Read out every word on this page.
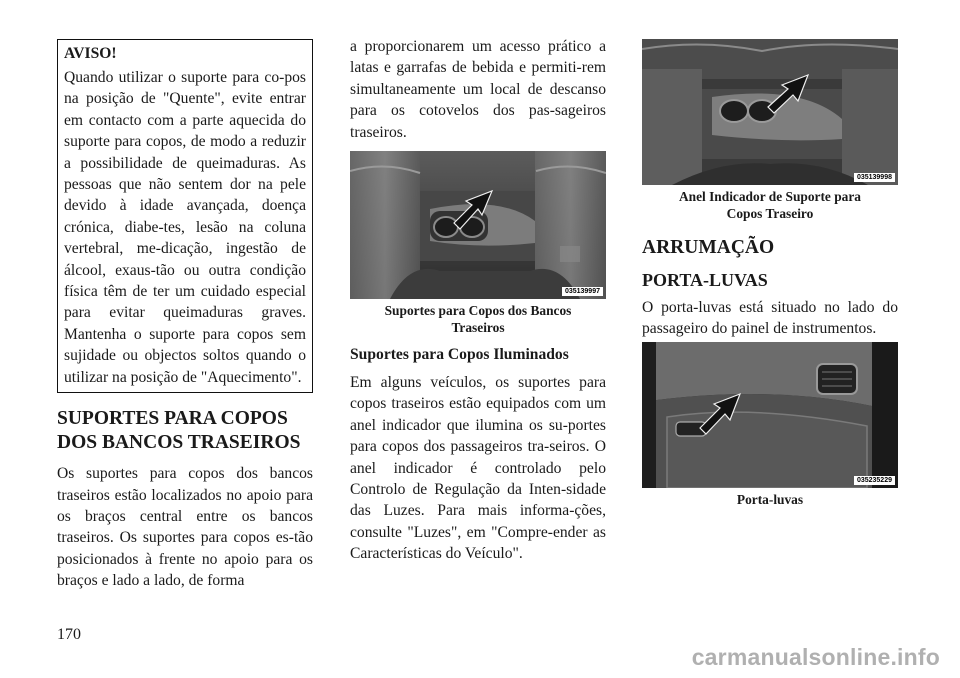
AVISO!

Quando utilizar o suporte para co-pos na posição de "Quente", evite entrar em contacto com a parte aquecida do suporte para copos, de modo a reduzir a possibilidade de queimaduras. As pessoas que não sentem dor na pele devido à idade avançada, doença crónica, diabe-tes, lesão na coluna vertebral, me-dicação, ingestão de álcool, exaus-tão ou outra condição física têm de ter um cuidado especial para evitar queimaduras graves. Mantenha o suporte para copos sem sujidade ou objectos soltos quando o utilizar na posição de "Aquecimento".

SUPORTES PARA COPOS
DOS BANCOS TRASEIROS

Os suportes para copos dos bancos traseiros estão localizados no apoio para os braços central entre os bancos traseiros. Os suportes para copos es-tão posicionados à frente no apoio para os braços e lado a lado, de forma

a proporcionarem um acesso prático a latas e garrafas de bebida e permiti-rem simultaneamente um local de descanso para os cotovelos dos pas-sageiros traseiros.

035139997

Suportes para Copos dos Bancos
Traseiros

Suportes para Copos Iluminados

Em alguns veículos, os suportes para copos traseiros estão equipados com um anel indicador que ilumina os su-portes para copos dos passageiros tra-seiros. O anel indicador é controlado pelo Controlo de Regulação da Inten-sidade das Luzes. Para mais informa-ções, consulte "Luzes", em "Compre-ender as Características do Veículo".

035139998

Anel Indicador de Suporte para
Copos Traseiro

ARRUMAÇÃO
PORTA-LUVAS

O porta-luvas está situado no lado do passageiro do painel de instrumentos.

035235229

Porta-luvas

170
carmanualsonline.info
